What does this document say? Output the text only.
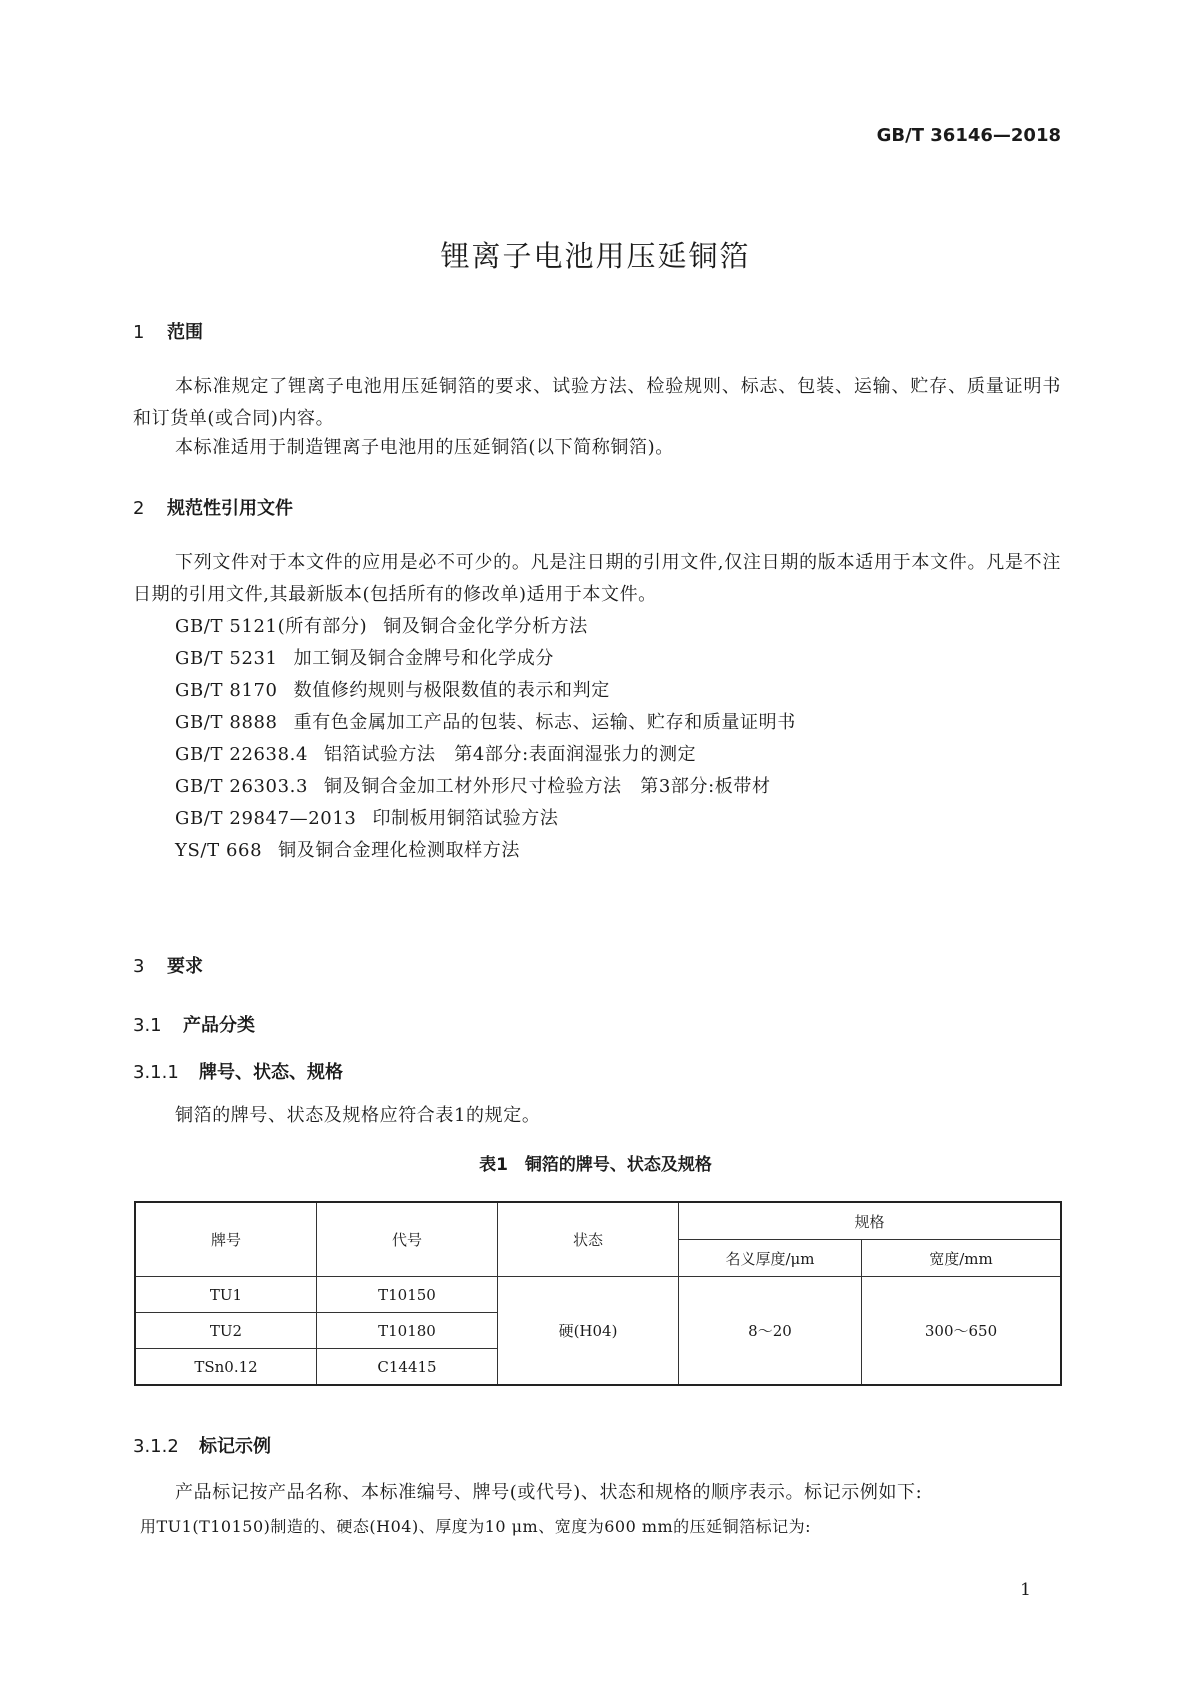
GB/T 36146—2018
锂离子电池用压延铜箔
1 范围
本标准规定了锂离子电池用压延铜箔的要求、试验方法、检验规则、标志、包装、运输、贮存、质量证明书和订货单(或合同)内容。
本标准适用于制造锂离子电池用的压延铜箔(以下简称铜箔)。
2 规范性引用文件
下列文件对于本文件的应用是必不可少的。凡是注日期的引用文件,仅注日期的版本适用于本文件。凡是不注日期的引用文件,其最新版本(包括所有的修改单)适用于本文件。
GB/T 5121(所有部分) 铜及铜合金化学分析方法
GB/T 5231 加工铜及铜合金牌号和化学成分
GB/T 8170 数值修约规则与极限数值的表示和判定
GB/T 8888 重有色金属加工产品的包装、标志、运输、贮存和质量证明书
GB/T 22638.4 铝箔试验方法　第4部分:表面润湿张力的测定
GB/T 26303.3 铜及铜合金加工材外形尺寸检验方法　第3部分:板带材
GB/T 29847—2013 印制板用铜箔试验方法
YS/T 668 铜及铜合金理化检测取样方法
3 要求
3.1 产品分类
3.1.1 牌号、状态、规格
铜箔的牌号、状态及规格应符合表1的规定。
表1　铜箔的牌号、状态及规格
牌号	代号	状态	规格	
			名义厚度/μm	宽度/mm
TU1	T10150	硬(H04)	8～20	300～650
TU2	T10180			
TSn0.12	C14415			
3.1.2 标记示例
产品标记按产品名称、本标准编号、牌号(或代号)、状态和规格的顺序表示。标记示例如下:
用TU1(T10150)制造的、硬态(H04)、厚度为10 μm、宽度为600 mm的压延铜箔标记为:
1
